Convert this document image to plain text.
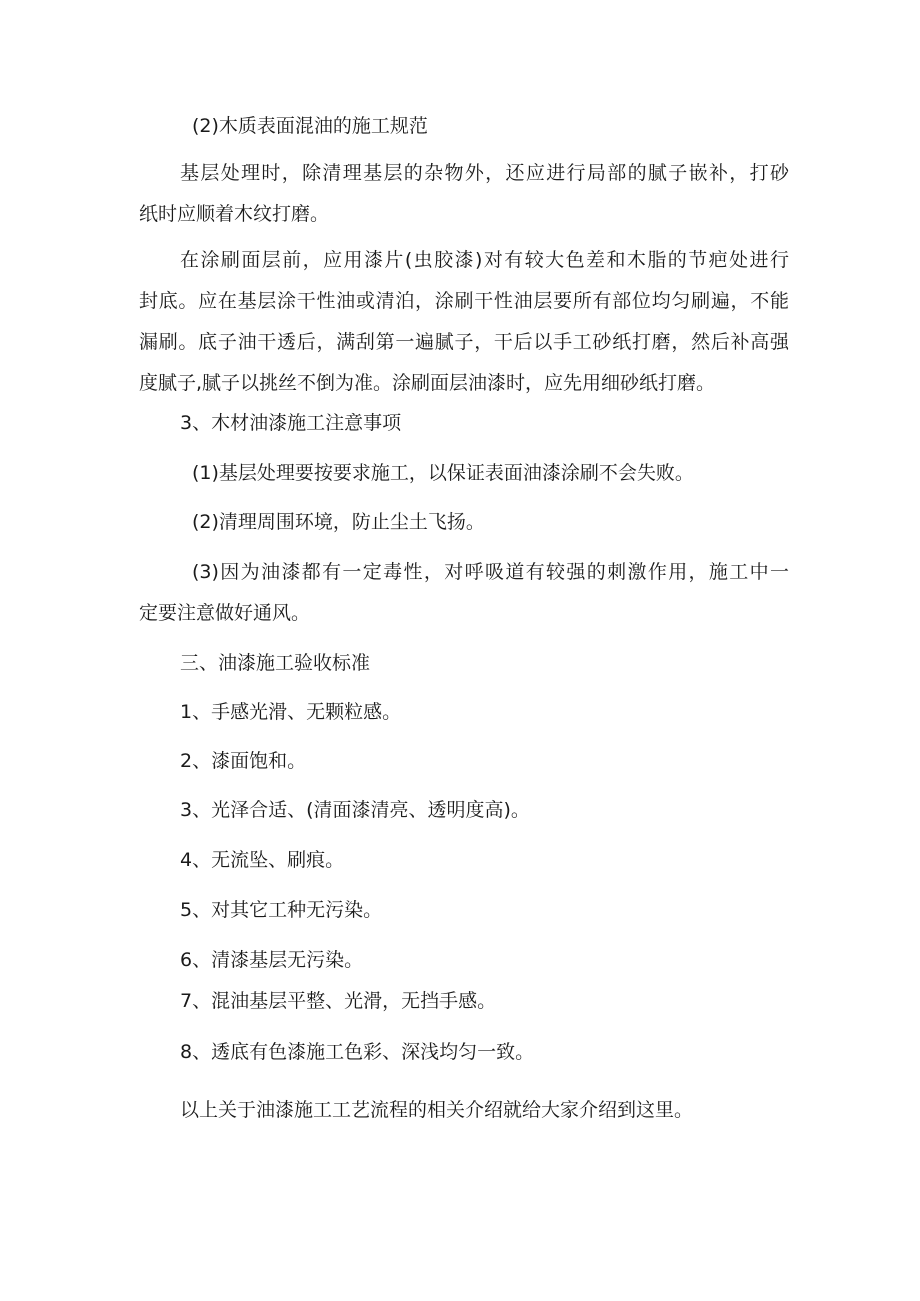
(2)木质表面混油的施工规范

基层处理时，除清理基层的杂物外，还应进行局部的腻子嵌补，打砂
纸时应顺着木纹打磨。
在涂刷面层前，应用漆片(虫胶漆)对有较大色差和木脂的节疤处进行
封底。应在基层涂干性油或清泊，涂刷干性油层要所有部位均匀刷遍，不能
漏刷。底子油干透后，满刮第一遍腻子，干后以手工砂纸打磨，然后补高强
度腻子,腻子以挑丝不倒为准。涂刷面层油漆时，应先用细砂纸打磨。

3、木材油漆施工注意事项

(1)基层处理要按要求施工，以保证表面油漆涂刷不会失败。

(2)清理周围环境，防止尘土飞扬。

(3)因为油漆都有一定毒性，对呼吸道有较强的刺激作用，施工中一
定要注意做好通风。

三、油漆施工验收标准

1、手感光滑、无颗粒感。

2、漆面饱和。

3、光泽合适、(清面漆清亮、透明度高)。

4、无流坠、刷痕。

5、对其它工种无污染。

6、清漆基层无污染。

7、混油基层平整、光滑，无挡手感。

8、透底有色漆施工色彩、深浅均匀一致。

以上关于油漆施工工艺流程的相关介绍就给大家介绍到这里。
